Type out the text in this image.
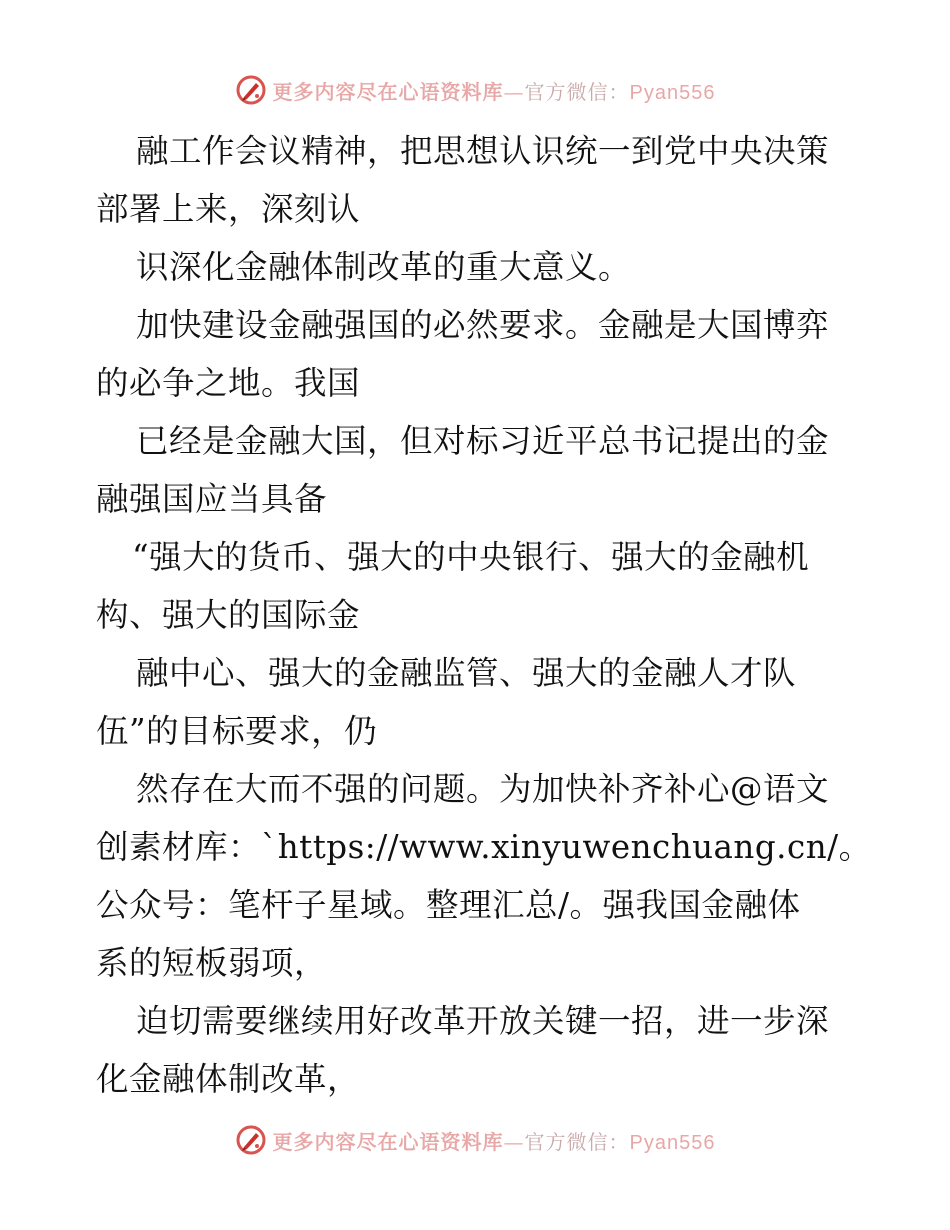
更多内容尽在心语资料库—官方微信：Pyan556
融工作会议精神，把思想认识统一到党中央决策
部署上来，深刻认
识深化金融体制改革的重大意义。
加快建设金融强国的必然要求。金融是大国博弈
的必争之地。我国
已经是金融大国，但对标习近平总书记提出的金
融强国应当具备
“强大的货币、强大的中央银行、强大的金融机
构、强大的国际金
融中心、强大的金融监管、强大的金融人才队
伍”的目标要求，仍
然存在大而不强的问题。为加快补齐补心@语文
创素材库：`https://www.xinyuwenchuang.cn/。
公众号：笔杆子星域。整理汇总/。强我国金融体
系的短板弱项，
迫切需要继续用好改革开放关键一招，进一步深
化金融体制改革，
更多内容尽在心语资料库—官方微信：Pyan556
